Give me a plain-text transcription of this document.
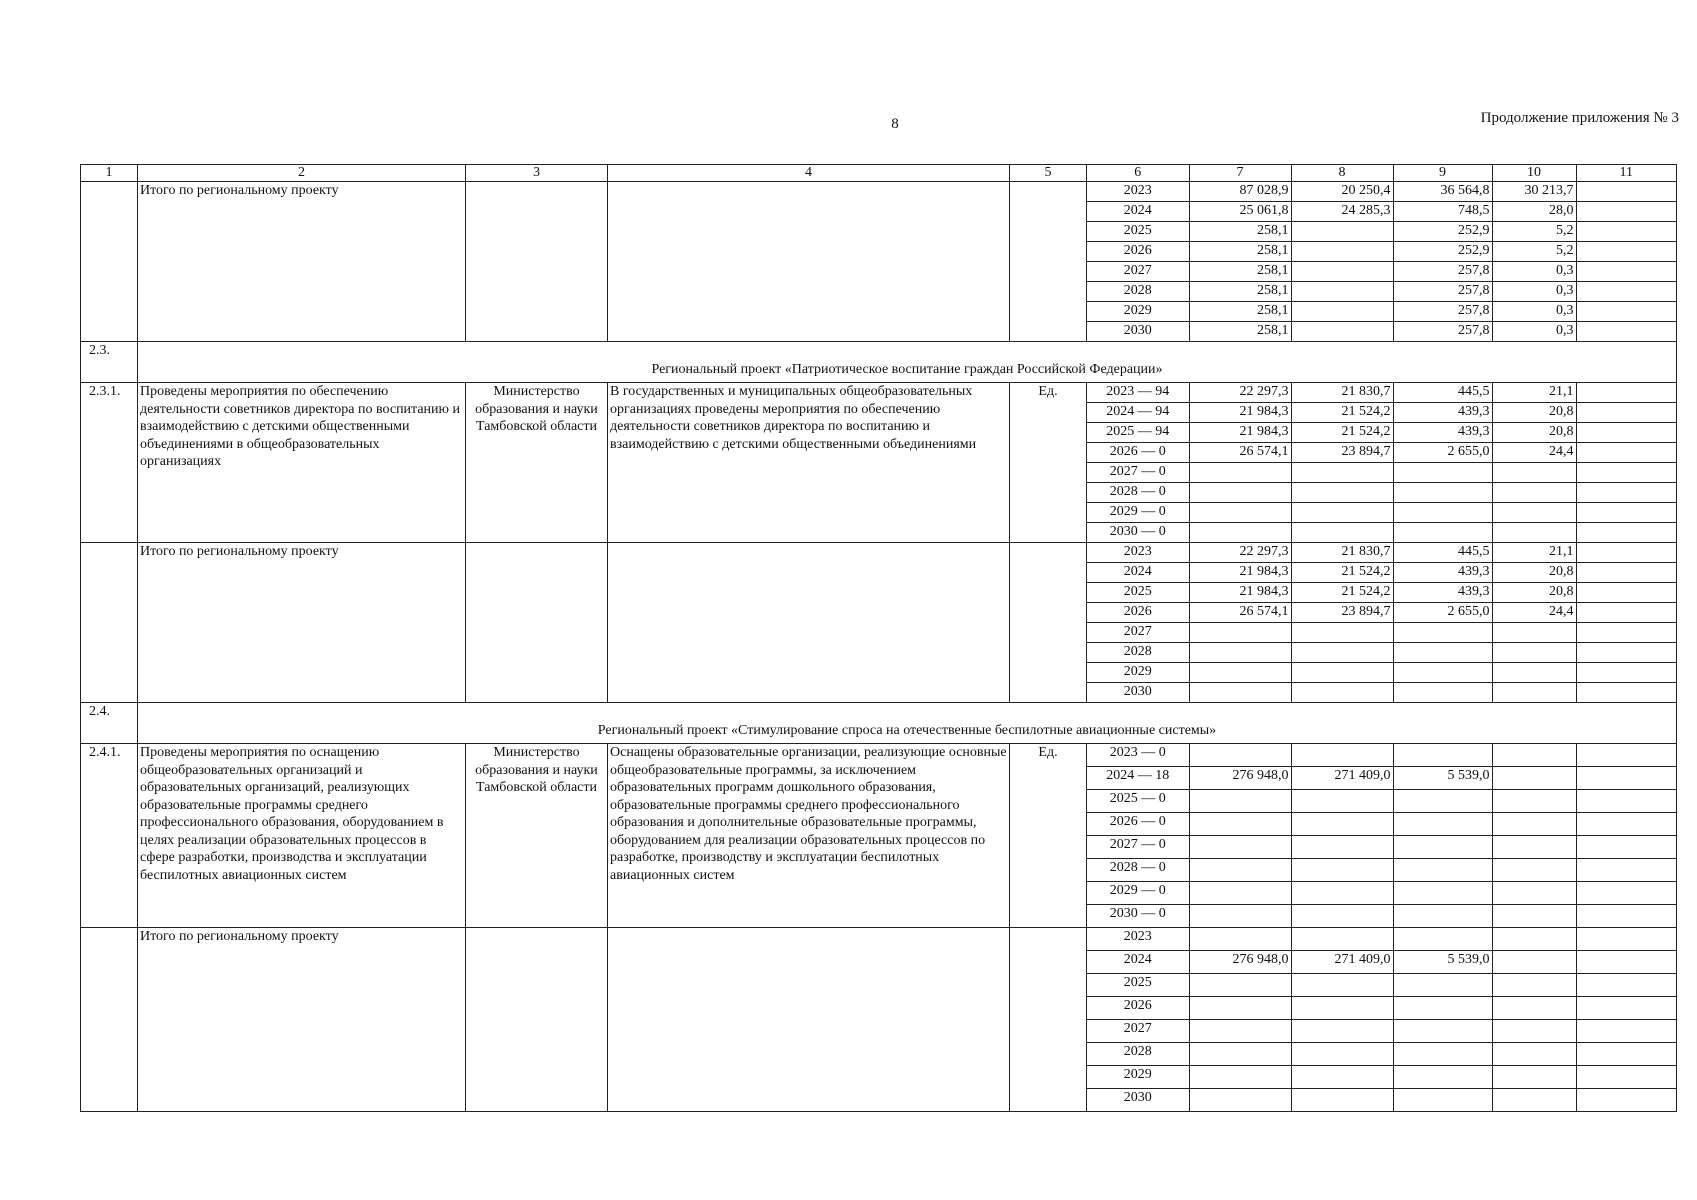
8	Продолжение приложения № 3
1	2	3	4	5		6	7	8	9	10	11

	Итого по региональному проекту					2023	87 028,9	20 250,4	36 564,8	30 213,7	
2024	25 061,8	24 285,3	748,5	28,0	
2025	258,1		252,9	5,2	
2026	258,1		252,9	5,2	
2027	258,1		257,8	0,3	
2028	258,1		257,8	0,3	
2029	258,1		257,8	0,3	
2030	258,1		257,8	0,3	

2.3.	Региональный проект «Патриотическое воспитание граждан Российской Федерации»
2.3.1.	Проведены мероприятия по обеспечению деятельности советников директора по воспитанию и взаимодействию с детскими общественными объединениями в общеобразовательных организациях	Министерство образования и науки Тамбовской области	В государственных и муниципальных общеобразовательных организациях проведены мероприятия по обеспечению деятельности советников директора по воспитанию и взаимодействию с детскими общественными объединениями	Ед.		2023 — 94	22 297,3	21 830,7	445,5	21,1	
2024 — 94	21 984,3	21 524,2	439,3	20,8	
2025 — 94	21 984,3	21 524,2	439,3	20,8	
2026 — 0	26 574,1	23 894,7	2 655,0	24,4	
2027 — 0					
2028 — 0					
2029 — 0					
2030 — 0					

	Итого по региональному проекту					2023	22 297,3	21 830,7	445,5	21,1	
2024	21 984,3	21 524,2	439,3	20,8	
2025	21 984,3	21 524,2	439,3	20,8	
2026	26 574,1	23 894,7	2 655,0	24,4	
2027					
2028					
2029					
2030					

2.4.	Региональный проект «Стимулирование спроса на отечественные беспилотные авиационные системы»
2.4.1.	Проведены мероприятия по оснащению общеобразовательных организаций и образовательных организаций, реализующих образовательные программы среднего профессионального образования, оборудованием в целях реализации образовательных процессов в сфере разработки, производства и эксплуатации беспилотных авиационных систем	Министерство образования и науки Тамбовской области	Оснащены образовательные организации, реализующие основные общеобразовательные программы, за исключением образовательных программ дошкольного образования, образовательные программы среднего профессионального образования и дополнительные образовательные программы, оборудованием для реализации образовательных процессов по разработке, производству и эксплуатации беспилотных авиационных систем	Ед.		2023 — 0					
2024 — 18	276 948,0	271 409,0	5 539,0		
2025 — 0					
2026 — 0					
2027 — 0					
2028 — 0					
2029 — 0					
2030 — 0					

	Итого по региональному проекту					2023					
2024	276 948,0	271 409,0	5 539,0		
2025					
2026					
2027					
2028					
2029					
2030					
